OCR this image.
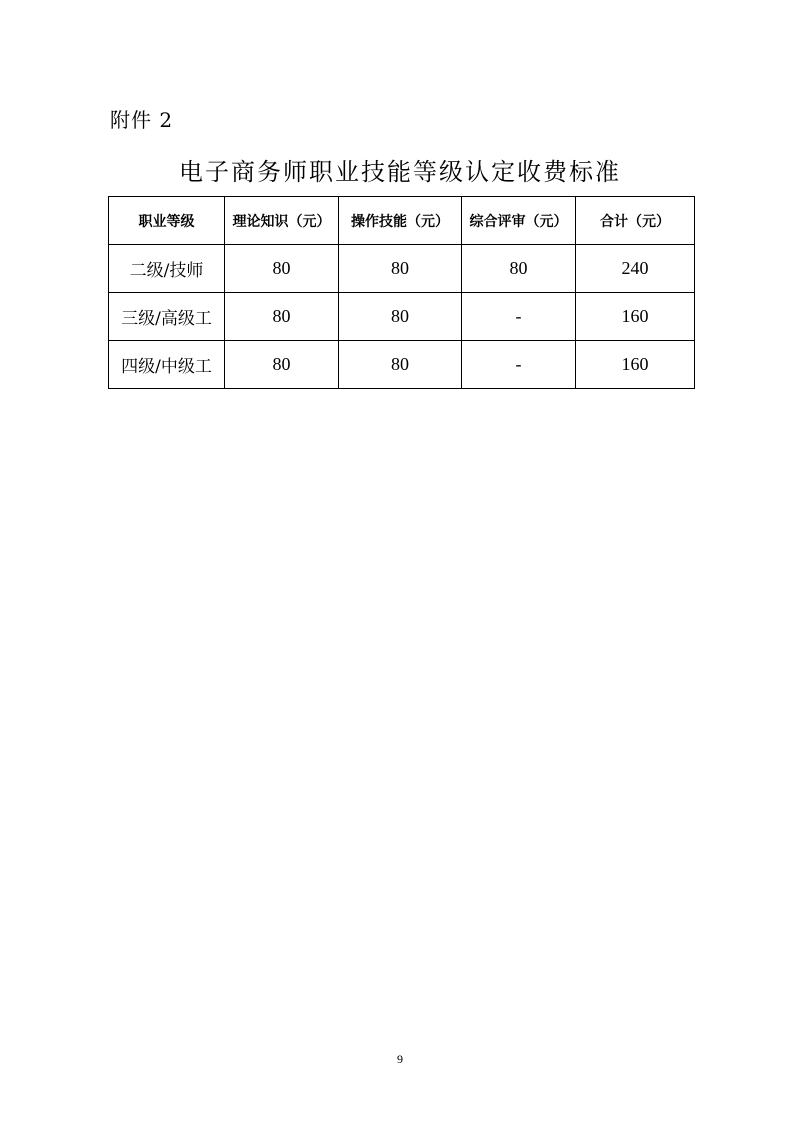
附件 2
电子商务师职业技能等级认定收费标准
职业等级	理论知识（元）	操作技能（元）	综合评审（元）	合计（元）
二级/技师	80	80	80	240
三级/高级工	80	80	-	160
四级/中级工	80	80	-	160
9
